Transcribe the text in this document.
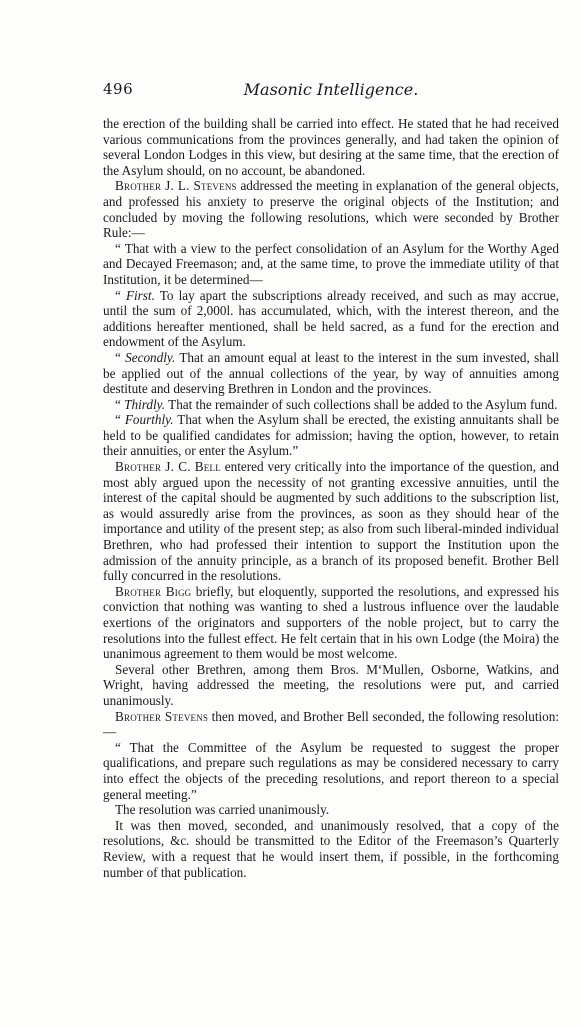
496	Masonic Intelligence.

the erection of the building shall be carried into effect. He stated that he had received various communications from the provinces generally, and had taken the opinion of several London Lodges in this view, but desiring at the same time, that the erection of the Asylum should, on no account, be abandoned.

Brother J. L. Stevens addressed the meeting in explanation of the general objects, and professed his anxiety to preserve the original objects of the Institution; and concluded by moving the following resolutions, which were seconded by Brother Rule:—

“ That with a view to the perfect consolidation of an Asylum for the Worthy Aged and Decayed Freemason; and, at the same time, to prove the immediate utility of that Institution, it be determined—

“ First. To lay apart the subscriptions already received, and such as may accrue, until the sum of 2,000l. has accumulated, which, with the interest thereon, and the additions hereafter mentioned, shall be held sacred, as a fund for the erection and endowment of the Asylum.

“ Secondly. That an amount equal at least to the interest in the sum invested, shall be applied out of the annual collections of the year, by way of annuities among destitute and deserving Brethren in London and the provinces.

“ Thirdly. That the remainder of such collections shall be added to the Asylum fund.

“ Fourthly. That when the Asylum shall be erected, the existing annuitants shall be held to be qualified candidates for admission; having the option, however, to retain their annuities, or enter the Asylum.”

Brother J. C. Bell entered very critically into the importance of the question, and most ably argued upon the necessity of not granting excessive annuities, until the interest of the capital should be augmented by such additions to the subscription list, as would assuredly arise from the provinces, as soon as they should hear of the importance and utility of the present step; as also from such liberal-minded individual Brethren, who had professed their intention to support the Institution upon the admission of the annuity principle, as a branch of its proposed benefit. Brother Bell fully concurred in the resolutions.

Brother Bigg briefly, but eloquently, supported the resolutions, and expressed his conviction that nothing was wanting to shed a lustrous influence over the laudable exertions of the originators and supporters of the noble project, but to carry the resolutions into the fullest effect. He felt certain that in his own Lodge (the Moira) the unanimous agreement to them would be most welcome.

Several other Brethren, among them Bros. M‘Mullen, Osborne, Watkins, and Wright, having addressed the meeting, the resolutions were put, and carried unanimously.

Brother Stevens then moved, and Brother Bell seconded, the following resolution:—

“ That the Committee of the Asylum be requested to suggest the proper qualifications, and prepare such regulations as may be considered necessary to carry into effect the objects of the preceding resolutions, and report thereon to a special general meeting.”

The resolution was carried unanimously.

It was then moved, seconded, and unanimously resolved, that a copy of the resolutions, &c. should be transmitted to the Editor of the Freemason’s Quarterly Review, with a request that he would insert them, if possible, in the forthcoming number of that publication.
